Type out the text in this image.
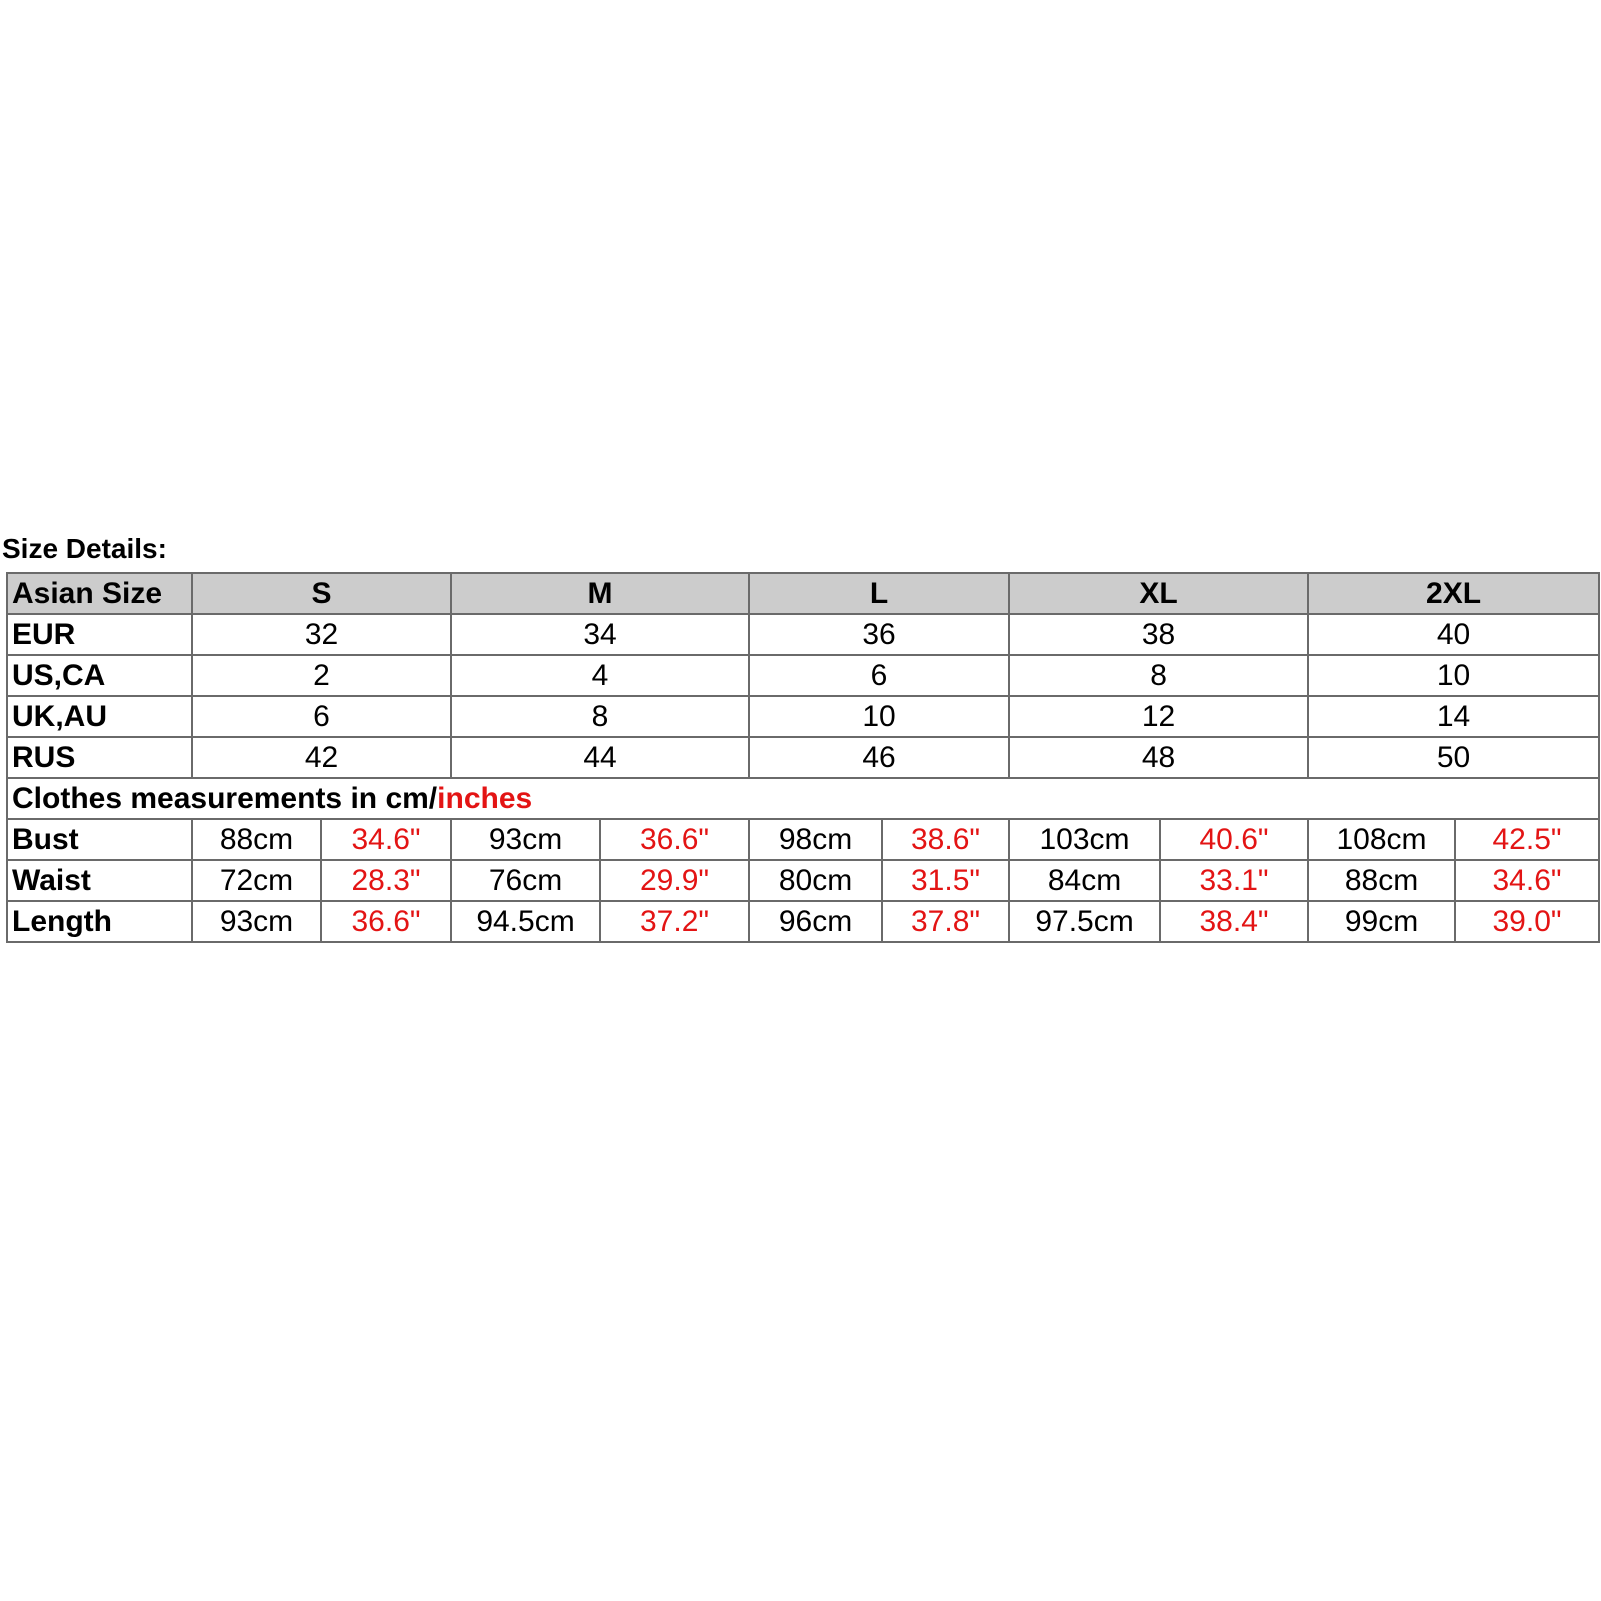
Size Details:
Asian Size	S		M		L		XL		2XL	
EUR	32		34		36		38		40	
US,CA	2		4		6		8		10	
UK,AU	6		8		10		12		14	
RUS	42		44		46		48		50	
Clothes measurements in cm/inches										
Bust	88cm	34.6"	93cm	36.6"	98cm	38.6"	103cm	40.6"	108cm	42.5"
Waist	72cm	28.3"	76cm	29.9"	80cm	31.5"	84cm	33.1"	88cm	34.6"
Length	93cm	36.6"	94.5cm	37.2"	96cm	37.8"	97.5cm	38.4"	99cm	39.0"
